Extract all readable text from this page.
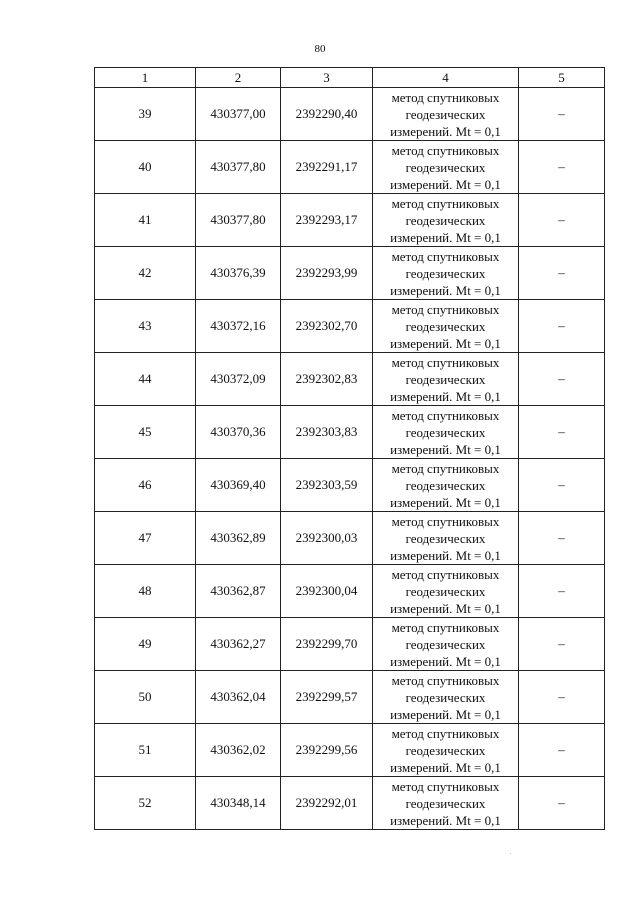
80
1	2	3	4	5
39	430377,00	2392290,40	метод спутниковых
геодезических
измерений. Mt = 0,1	–
40	430377,80	2392291,17	метод спутниковых
геодезических
измерений. Mt = 0,1	–
41	430377,80	2392293,17	метод спутниковых
геодезических
измерений. Mt = 0,1	–
42	430376,39	2392293,99	метод спутниковых
геодезических
измерений. Mt = 0,1	–
43	430372,16	2392302,70	метод спутниковых
геодезических
измерений. Mt = 0,1	–
44	430372,09	2392302,83	метод спутниковых
геодезических
измерений. Mt = 0,1	–
45	430370,36	2392303,83	метод спутниковых
геодезических
измерений. Mt = 0,1	–
46	430369,40	2392303,59	метод спутниковых
геодезических
измерений. Mt = 0,1	–
47	430362,89	2392300,03	метод спутниковых
геодезических
измерений. Mt = 0,1	–
48	430362,87	2392300,04	метод спутниковых
геодезических
измерений. Mt = 0,1	–
49	430362,27	2392299,70	метод спутниковых
геодезических
измерений. Mt = 0,1	–
50	430362,04	2392299,57	метод спутниковых
геодезических
измерений. Mt = 0,1	–
51	430362,02	2392299,56	метод спутниковых
геодезических
измерений. Mt = 0,1	–
52	430348,14	2392292,01	метод спутниковых
геодезических
измерений. Mt = 0,1	–
